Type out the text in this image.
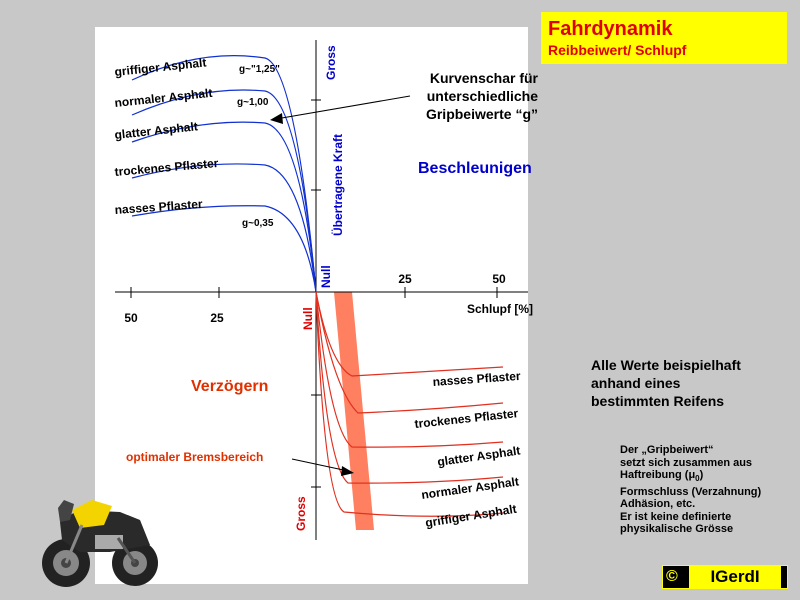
Fahrdynamik
Reibbeiwert/ Schlupf
Gross
Übertragene Kraft
Null
Null
Gross
25	50
50	25
Schlupf [%]
griffiger Asphalt
normaler Asphalt
glatter Asphalt
trockenes Pflaster
nasses Pflaster
g~"1,25"
g~1,00
g~0,35
Kurvenschar für
unterschiedliche
Gripbeiwerte “g”
Beschleunigen
Verzögern	nasses Pflaster
trockenes Pflaster
glatter Asphalt
normaler Asphalt
griffiger Asphalt
optimaler Bremsbereich
Alle Werte beispielhaft
anhand eines
bestimmten Reifens
Der „Gripbeiwert“
setzt sich zusammen aus
Haftreibung $(\mu_0)$
Formschluss (Verzahnung)
Adhäsion, etc.
Er ist keine definierte
physikalische Grösse
©	IGerdI
